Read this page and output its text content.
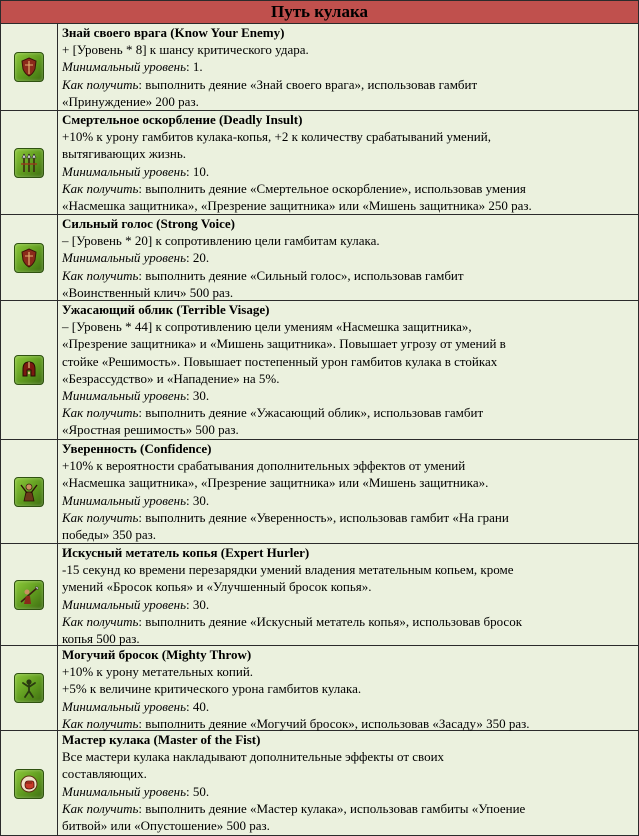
Путь кулака
Знай своего врага (Know Your Enemy)
+ [Уровень * 8] к шансу критического удара.
Минимальный уровень: 1.
Как получить: выполнить деяние «Знай своего врага», использовав гамбит
«Принуждение» 200 раз.
Смертельное оскорбление (Deadly Insult)
+10% к урону гамбитов кулака-копья, +2 к количеству срабатываний умений,
вытягивающих жизнь.
Минимальный уровень: 10.
Как получить: выполнить деяние «Смертельное оскорбление», использовав умения
«Насмешка защитника», «Презрение защитника» или «Мишень защитника» 250 раз.
Сильный голос (Strong Voice)
– [Уровень * 20] к сопротивлению цели гамбитам кулака.
Минимальный уровень: 20.
Как получить: выполнить деяние «Сильный голос», использовав гамбит
«Воинственный клич» 500 раз.
Ужасающий облик (Terrible Visage)
– [Уровень * 44] к сопротивлению цели умениям «Насмешка защитника»,
«Презрение защитника» и «Мишень защитника». Повышает угрозу от умений в
стойке «Решимость». Повышает постепенный урон гамбитов кулака в стойках
«Безрассудство» и «Нападение» на 5%.
Минимальный уровень: 30.
Как получить: выполнить деяние «Ужасающий облик», использовав гамбит
«Яростная решимость» 500 раз.
Уверенность (Confidence)
+10% к вероятности срабатывания дополнительных эффектов от умений
«Насмешка защитника», «Презрение защитника» или «Мишень защитника».
Минимальный уровень: 30.
Как получить: выполнить деяние «Уверенность», использовав гамбит «На грани
победы» 350 раз.
Искусный метатель копья (Expert Hurler)
-15 секунд ко времени перезарядки умений владения метательным копьем, кроме
умений «Бросок копья» и «Улучшенный бросок копья».
Минимальный уровень: 30.
Как получить: выполнить деяние «Искусный метатель копья», использовав бросок
копья 500 раз.
Могучий бросок (Mighty Throw)
+10% к урону метательных копий.
+5% к величине критического урона гамбитов кулака.
Минимальный уровень: 40.
Как получить: выполнить деяние «Могучий бросок», использовав «Засаду» 350 раз.
Мастер кулака (Master of the Fist)
Все мастери кулака накладывают дополнительные эффекты от своих
составляющих.
Минимальный уровень: 50.
Как получить: выполнить деяние «Мастер кулака», использовав гамбиты «Упоение
битвой» или «Опустошение» 500 раз.
